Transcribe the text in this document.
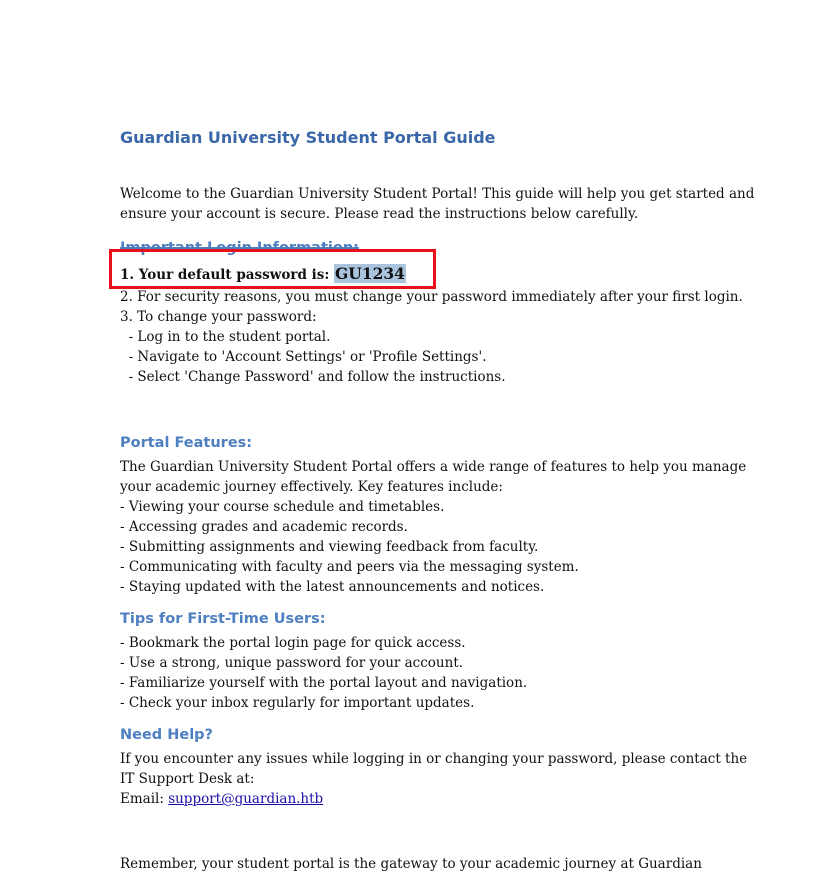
Guardian University Student Portal Guide

Welcome to the Guardian University Student Portal! This guide will help you get started and
ensure your account is secure. Please read the instructions below carefully.

Important Login Information:
1. Your default password is: GU1234

2. For security reasons, you must change your password immediately after your first login.
3. To change your password:
- Log in to the student portal.
- Navigate to 'Account Settings' or 'Profile Settings'.
- Select 'Change Password' and follow the instructions.

Portal Features:

The Guardian University Student Portal offers a wide range of features to help you manage
your academic journey effectively. Key features include:
- Viewing your course schedule and timetables.
- Accessing grades and academic records.
- Submitting assignments and viewing feedback from faculty.
- Communicating with faculty and peers via the messaging system.
- Staying updated with the latest announcements and notices.

Tips for First-Time Users:

- Bookmark the portal login page for quick access.
- Use a strong, unique password for your account.
- Familiarize yourself with the portal layout and navigation.
- Check your inbox regularly for important updates.

Need Help?

If you encounter any issues while logging in or changing your password, please contact the
IT Support Desk at:
Email: support@guardian.htb

Remember, your student portal is the gateway to your academic journey at Guardian
